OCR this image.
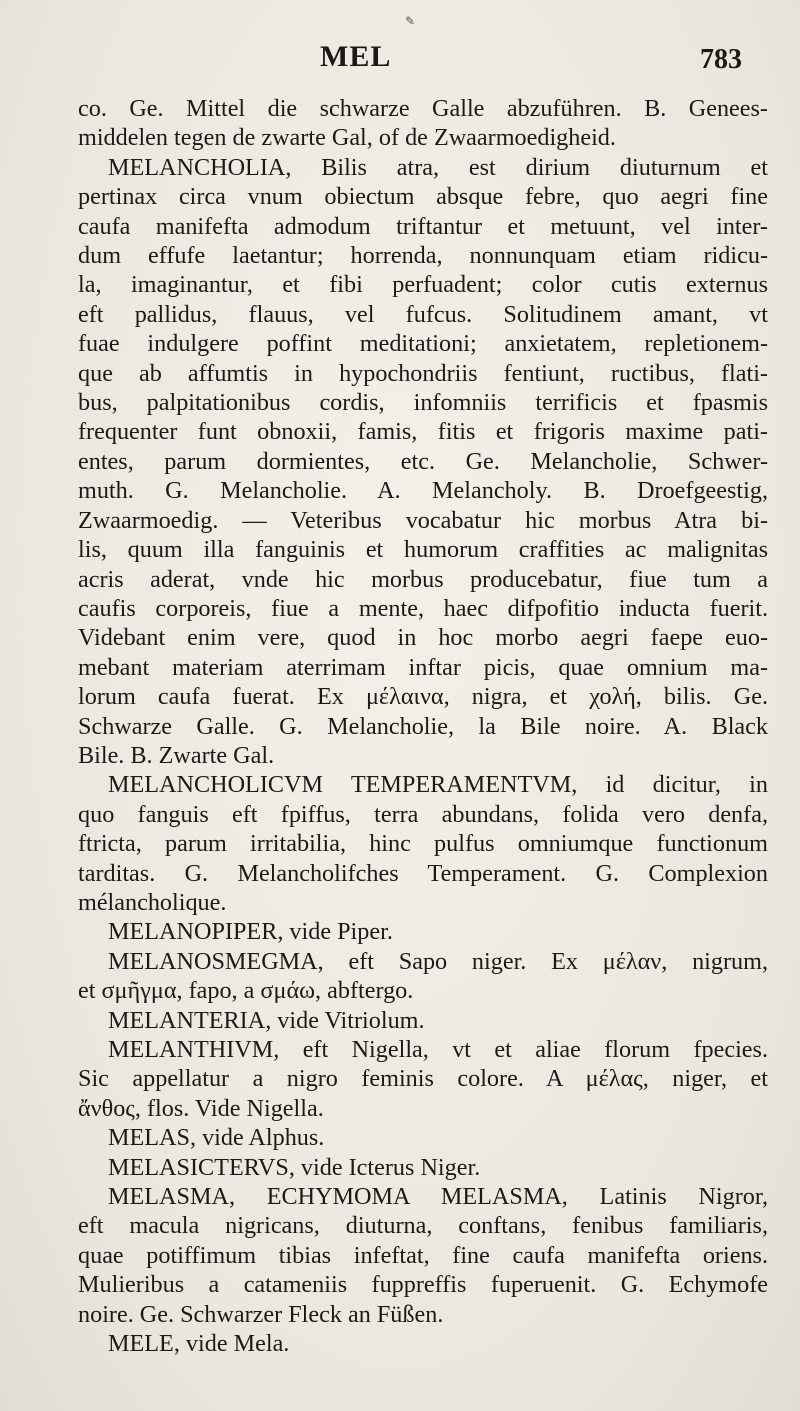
✎
MEL	783
co. Ge. Mittel die schwarze Galle abzuführen. B. Genees-
middelen tegen de zwarte Gal, of de Zwaarmoedigheid.
MELANCHOLIA, Bilis atra, est dirium diuturnum et
pertinax circa vnum obiectum absque febre, quo aegri fine
caufa manifefta admodum triftantur et metuunt, vel inter-
dum effufe laetantur; horrenda, nonnunquam etiam ridicu-
la, imaginantur, et fibi perfuadent; color cutis externus
eft pallidus, flauus, vel fufcus. Solitudinem amant, vt
fuae indulgere poffint meditationi; anxietatem, repletionem-
que ab affumtis in hypochondriis fentiunt, ructibus, flati-
bus, palpitationibus cordis, infomniis terrificis et fpasmis
frequenter funt obnoxii, famis, fitis et frigoris maxime pati-
entes, parum dormientes, etc. Ge. Melancholie, Schwer-
muth. G. Melancholie. A. Melancholy. B. Droefgeestig,
Zwaarmoedig. — Veteribus vocabatur hic morbus Atra bi-
lis, quum illa fanguinis et humorum craffities ac malignitas
acris aderat, vnde hic morbus producebatur, fiue tum a
caufis corporeis, fiue a mente, haec difpofitio inducta fuerit.
Videbant enim vere, quod in hoc morbo aegri faepe euo-
mebant materiam aterrimam inftar picis, quae omnium ma-
lorum caufa fuerat. Ex μέλαινα, nigra, et χολή, bilis. Ge.
Schwarze Galle. G. Melancholie, la Bile noire. A. Black
Bile. B. Zwarte Gal.
MELANCHOLICVM TEMPERAMENTVM, id dicitur, in
quo fanguis eft fpiffus, terra abundans, folida vero denfa,
ftricta, parum irritabilia, hinc pulfus omniumque functionum
tarditas. G. Melancholifches Temperament. G. Complexion
mélancholique.
MELANOPIPER, vide Piper.
MELANOSMEGMA, eft Sapo niger. Ex μέλαν, nigrum,
et σμῆγμα, fapo, a σμάω, abftergo.
MELANTERIA, vide Vitriolum.
MELANTHIVM, eft Nigella, vt et aliae florum fpecies.
Sic appellatur a nigro feminis colore. A μέλας, niger, et
ἄνθος, flos. Vide Nigella.
MELAS, vide Alphus.
MELASICTERVS, vide Icterus Niger.
MELASMA, ECHYMOMA MELASMA, Latinis Nigror,
eft macula nigricans, diuturna, conftans, fenibus familiaris,
quae potiffimum tibias infeftat, fine caufa manifefta oriens.
Mulieribus a catameniis fuppreffis fuperuenit. G. Echymofe
noire. Ge. Schwarzer Fleck an Füßen.
MELE, vide Mela.
